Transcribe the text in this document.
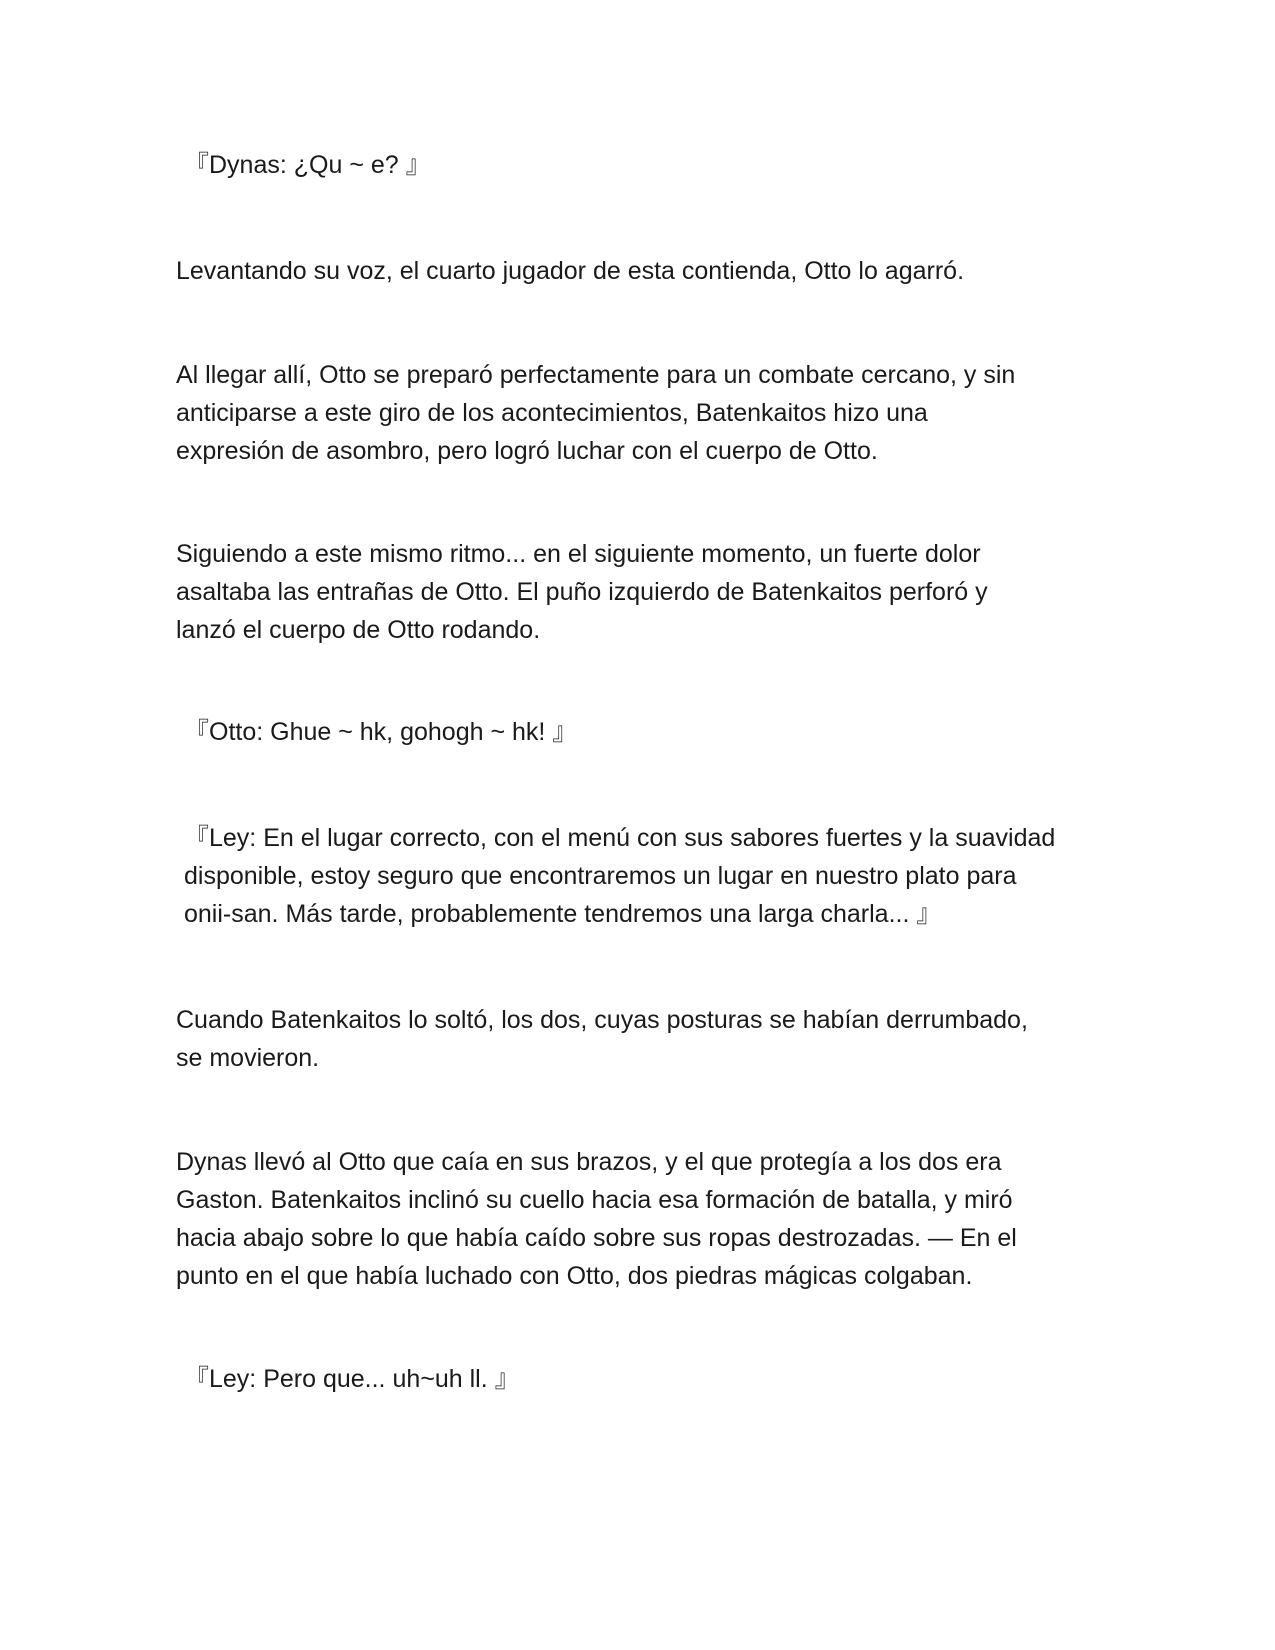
『Dynas: ¿Qu ~ e? 』

Levantando su voz, el cuarto jugador de esta contienda, Otto lo agarró.

Al llegar allí, Otto se preparó perfectamente para un combate cercano, y sin
anticiparse a este giro de los acontecimientos, Batenkaitos hizo una
expresión de asombro, pero logró luchar con el cuerpo de Otto.

Siguiendo a este mismo ritmo... en el siguiente momento, un fuerte dolor
asaltaba las entrañas de Otto. El puño izquierdo de Batenkaitos perforó y
lanzó el cuerpo de Otto rodando.

『Otto: Ghue ~ hk, gohogh ~ hk! 』

『Ley: En el lugar correcto, con el menú con sus sabores fuertes y la suavidad
disponible, estoy seguro que encontraremos un lugar en nuestro plato para
onii-san. Más tarde, probablemente tendremos una larga charla... 』

Cuando Batenkaitos lo soltó, los dos, cuyas posturas se habían derrumbado,
se movieron.

Dynas llevó al Otto que caía en sus brazos, y el que protegía a los dos era
Gaston. Batenkaitos inclinó su cuello hacia esa formación de batalla, y miró
hacia abajo sobre lo que había caído sobre sus ropas destrozadas. — En el
punto en el que había luchado con Otto, dos piedras mágicas colgaban.

『Ley: Pero que... uh~uh ll. 』
